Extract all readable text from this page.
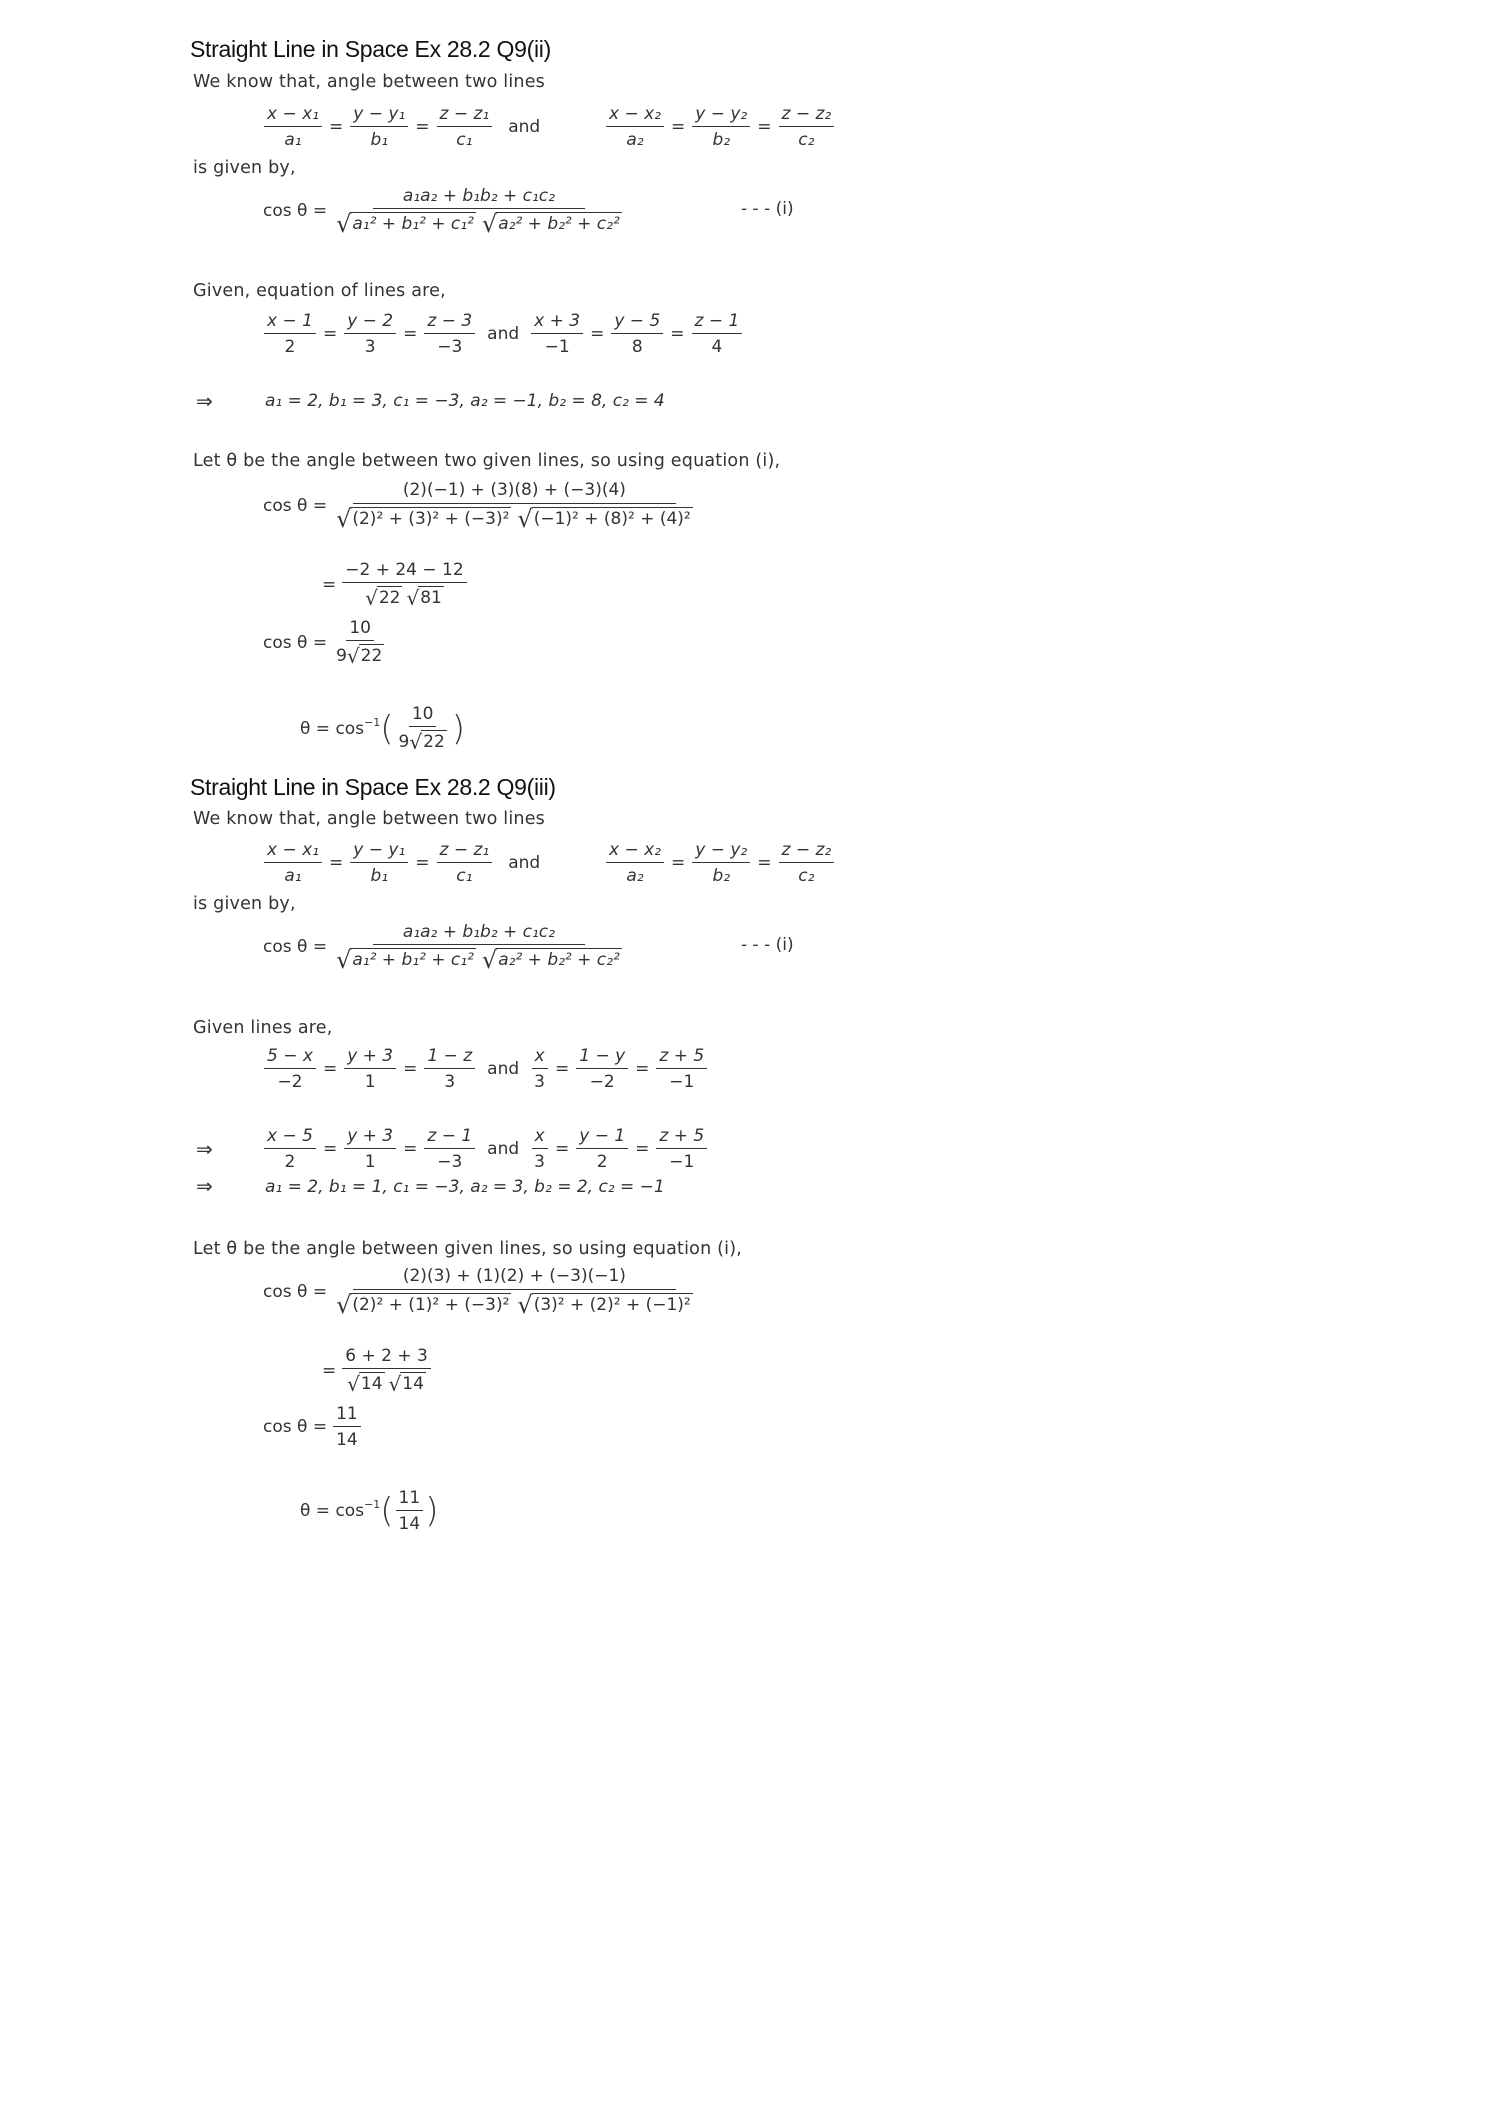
Straight Line in Space Ex 28.2 Q9(ii)
We know that, angle between two lines
$\frac{\text{x − x₁}}{\text{a₁}} = \frac{\text{y − y₁}}{\text{b₁}} = \frac{\text{z − z₁}}{\text{c₁}}$ and	$\frac{\text{x − x₂}}{\text{a₂}} = \frac{\text{y − y₂}}{\text{b₂}} = \frac{\text{z − z₂}}{\text{c₂}}$
is given by,
$\cos \theta = \frac{\text{a₁a₂ + b₁b₂ + c₁c₂}}{\text{√ a₁² + b₁² + c₁² √ a₂² + b₂² + c₂²}}$	- - - (i)
Given, equation of lines are,
$\frac{x - 1}{2} = \frac{y - 2}{3} = \frac{z - 3}{-3}$ and $\frac{x + 3}{-1} = \frac{y - 5}{8} = \frac{z - 1}{4}$
⇒	a₁ = 2, b₁ = 3, c₁ = −3, a₂ = −1, b₂ = 8, c₂ = 4
Let θ be the angle between two given lines, so using equation (i),
$\cos \theta = \frac{(2)(-1) + (3)(8) + (-3)(4)}{\text{√ (2)² + (3)² + (−3)² √ (−1)² + (8)² + (4)²}}$
= $\frac{-2 + 24 - 12}{√ 22 √ 81}$
$\cos \theta = \frac{10}{9 √ 22}$
$\theta = \cos^{-1}$ ( $\frac{10}{9 √ 22}$ )
Straight Line in Space Ex 28.2 Q9(iii)
We know that, angle between two lines
$\frac{\text{x − x₁}}{\text{a₁}} = \frac{\text{y − y₁}}{\text{b₁}} = \frac{\text{z − z₁}}{\text{c₁}}$ and	$\frac{\text{x − x₂}}{\text{a₂}} = \frac{\text{y − y₂}}{\text{b₂}} = \frac{\text{z − z₂}}{\text{c₂}}$
is given by,
$\cos \theta = \frac{\text{a₁a₂ + b₁b₂ + c₁c₂}}{\text{√ a₁² + b₁² + c₁² √ a₂² + b₂² + c₂²}}$	- - - (i)
Given lines are,
$\frac{5 - x}{-2} = \frac{y + 3}{1} = \frac{1 - z}{3}$ and $\frac{x}{3} = \frac{1 - y}{-2} = \frac{z + 5}{-1}$
⇒	$\frac{x - 5}{2} = \frac{y + 3}{1} = \frac{z - 1}{-3}$ and $\frac{x}{3} = \frac{y - 1}{2} = \frac{z + 5}{-1}$
⇒	a₁ = 2, b₁ = 1, c₁ = −3, a₂ = 3, b₂ = 2, c₂ = −1
Let θ be the angle between given lines, so using equation (i),
$\cos \theta = \frac{(2)(3) + (1)(2) + (-3)(-1)}{\text{√ (2)² + (1)² + (−3)² √ (3)² + (2)² + (−1)²}}$
= $\frac{6 + 2 + 3}{√ 14 √ 14}$
$\cos \theta = \frac{11}{14}$
$\theta = \cos^{-1}$ ( $\frac{11}{14}$ )
